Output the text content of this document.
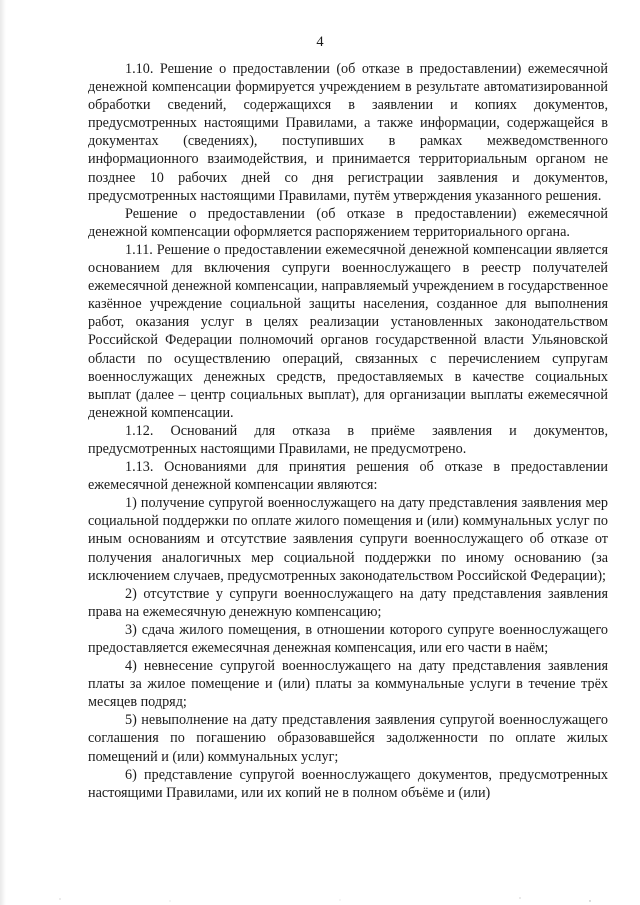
4

1.10. Решение о предоставлении (об отказе в предоставлении) ежемесячной денежной компенсации формируется учреждением в результате автоматизированной обработки сведений, содержащихся в заявлении и копиях документов, предусмотренных настоящими Правилами, а также информации, содержащейся в документах (сведениях), поступивших в рамках межведомственного информационного взаимодействия, и принимается территориальным органом не позднее 10 рабочих дней со дня регистрации заявления и документов, предусмотренных настоящими Правилами, путём утверждения указанного решения.

Решение о предоставлении (об отказе в предоставлении) ежемесячной денежной компенсации оформляется распоряжением территориального органа.

1.11. Решение о предоставлении ежемесячной денежной компенсации является основанием для включения супруги военнослужащего в реестр получателей ежемесячной денежной компенсации, направляемый учреждением в государственное казённое учреждение социальной защиты населения, созданное для выполнения работ, оказания услуг в целях реализации установленных законодательством Российской Федерации полномочий органов государственной власти Ульяновской области по осуществлению операций, связанных с перечислением супругам военнослужащих денежных средств, предоставляемых в качестве социальных выплат (далее – центр социальных выплат), для организации выплаты ежемесячной денежной компенсации.

1.12. Оснований для отказа в приёме заявления и документов, предусмотренных настоящими Правилами, не предусмотрено.

1.13. Основаниями для принятия решения об отказе в предоставлении ежемесячной денежной компенсации являются:

1) получение супругой военнослужащего на дату представления заявления мер социальной поддержки по оплате жилого помещения и (или) коммунальных услуг по иным основаниям и отсутствие заявления супруги военнослужащего об отказе от получения аналогичных мер социальной поддержки по иному основанию (за исключением случаев, предусмотренных законодательством Российской Федерации);

2) отсутствие у супруги военнослужащего на дату представления заявления права на ежемесячную денежную компенсацию;

3) сдача жилого помещения, в отношении которого супруге военнослужащего предоставляется ежемесячная денежная компенсация, или его части в наём;

4) невнесение супругой военнослужащего на дату представления заявления платы за жилое помещение и (или) платы за коммунальные услуги в течение трёх месяцев подряд;

5) невыполнение на дату представления заявления супругой военнослужащего соглашения по погашению образовавшейся задолженности по оплате жилых помещений и (или) коммунальных услуг;

6) представление супругой военнослужащего документов, предусмотренных настоящими Правилами, или их копий не в полном объёме и (или)
